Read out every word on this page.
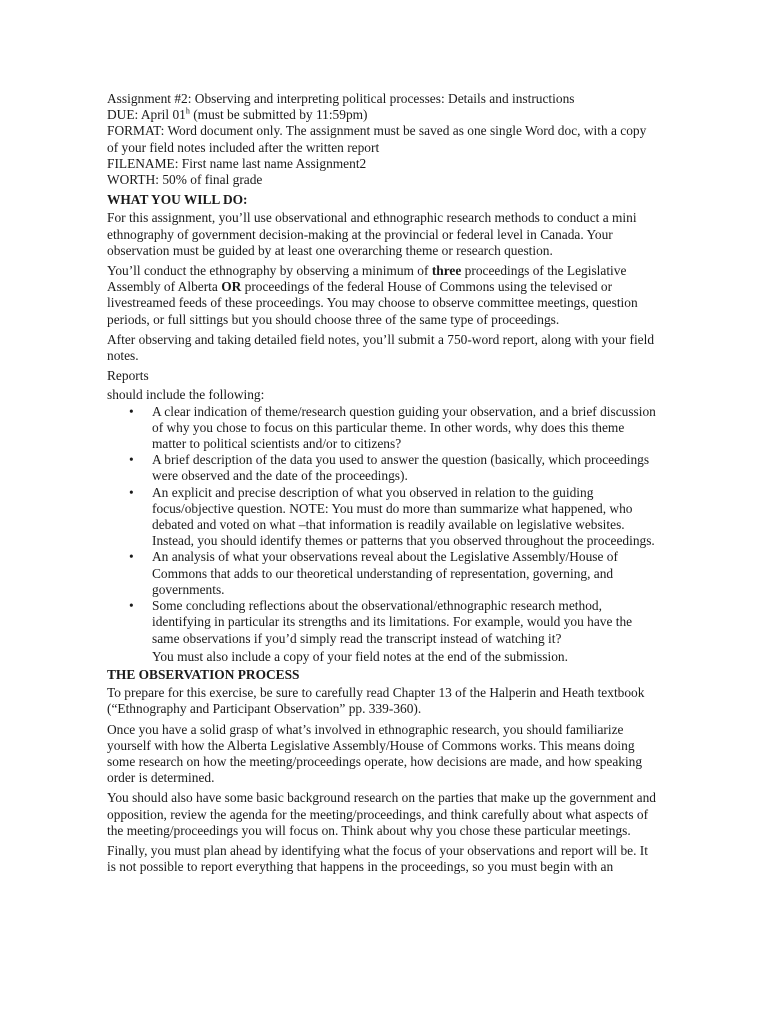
Assignment #2: Observing and interpreting political processes: Details and instructions

DUE: April 01$^h$ (must be submitted by 11:59pm)

FORMAT: Word document only. The assignment must be saved as one single Word doc, with a copy of your field notes included after the written report

FILENAME: First name last name Assignment2

WORTH: 50% of final grade

WHAT YOU WILL DO:

For this assignment, you’ll use observational and ethnographic research methods to conduct a mini ethnography of government decision-making at the provincial or federal level in Canada. Your observation must be guided by at least one overarching theme or research question.

You’ll conduct the ethnography by observing a minimum of three proceedings of the Legislative Assembly of Alberta OR proceedings of the federal House of Commons using the televised or livestreamed feeds of these proceedings. You may choose to observe committee meetings, question periods, or full sittings but you should choose three of the same type of proceedings.

After observing and taking detailed field notes, you’ll submit a 750-word report, along with your field notes.

Reports

should include the following:

• A clear indication of theme/research question guiding your observation, and a brief discussion of why you chose to focus on this particular theme. In other words, why does this theme matter to political scientists and/or to citizens?
• A brief description of the data you used to answer the question (basically, which proceedings were observed and the date of the proceedings).
• An explicit and precise description of what you observed in relation to the guiding focus/objective question. NOTE: You must do more than summarize what happened, who debated and voted on what –that information is readily available on legislative websites. Instead, you should identify themes or patterns that you observed throughout the proceedings.
• An analysis of what your observations reveal about the Legislative Assembly/House of Commons that adds to our theoretical understanding of representation, governing, and governments.
• Some concluding reflections about the observational/ethnographic research method, identifying in particular its strengths and its limitations. For example, would you have the same observations if you’d simply read the transcript instead of watching it?

You must also include a copy of your field notes at the end of the submission.

THE OBSERVATION PROCESS

To prepare for this exercise, be sure to carefully read Chapter 13 of the Halperin and Heath textbook (“Ethnography and Participant Observation” pp. 339-360).

Once you have a solid grasp of what’s involved in ethnographic research, you should familiarize yourself with how the Alberta Legislative Assembly/House of Commons works. This means doing some research on how the meeting/proceedings operate, how decisions are made, and how speaking order is determined.

You should also have some basic background research on the parties that make up the government and opposition, review the agenda for the meeting/proceedings, and think carefully about what aspects of the meeting/proceedings you will focus on. Think about why you chose these particular meetings.

Finally, you must plan ahead by identifying what the focus of your observations and report will be. It is not possible to report everything that happens in the proceedings, so you must begin with an
